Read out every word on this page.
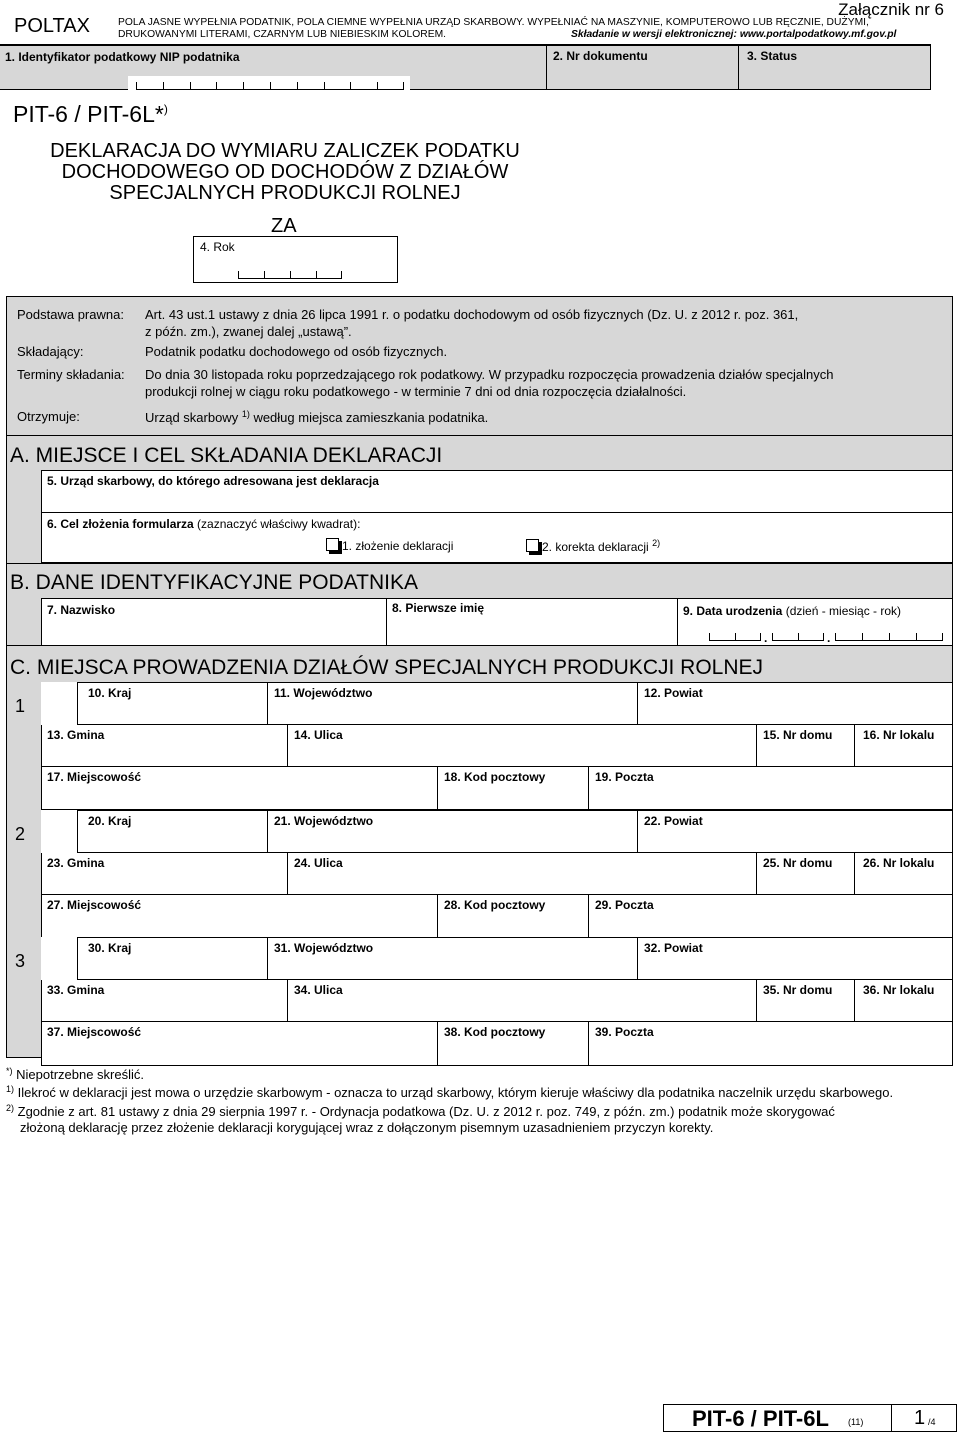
POLTAX	POLA JASNE WYPEŁNIA PODATNIK, POLA CIEMNE WYPEŁNIA URZĄD SKARBOWY. WYPEŁNIAĆ NA MASZYNIE, KOMPUTEROWO LUB RĘCZNIE, DUŻYMI,
DRUKOWANYMI LITERAMI, CZARNYM LUB NIEBIESKIM KOLOREM.	Składanie w wersji elektronicznej: www.portalpodatkowy.mf.gov.pl
Załącznik nr 6
1. Identyfikator podatkowy NIP podatnika	2. Nr dokumentu	3. Status
PIT-6 / PIT-6L*)
DEKLARACJA DO WYMIARU ZALICZEK PODATKU
DOCHODOWEGO OD DOCHODÓW Z DZIAŁÓW
SPECJALNYCH PRODUKCJI ROLNEJ
ZA
4. Rok
Podstawa prawna: Art. 43 ust.1 ustawy z dnia 26 lipca 1991 r. o podatku dochodowym od osób fizycznych (Dz. U. z 2012 r. poz. 361,
z późn. zm.), zwanej dalej „ustawą”.
Składający:	Podatnik podatku dochodowego od osób fizycznych.
Terminy składania: Do dnia 30 listopada roku poprzedzającego rok podatkowy. W przypadku rozpoczęcia prowadzenia działów specjalnych
produkcji rolnej w ciągu roku podatkowego - w terminie 7 dni od dnia rozpoczęcia działalności.
Otrzymuje:	Urząd skarbowy $^{1)}$ według miejsca zamieszkania podatnika.
A. MIEJSCE I CEL SKŁADANIA DEKLARACJI
5. Urząd skarbowy, do którego adresowana jest deklaracja
6. Cel złożenia formularza (zaznaczyć właściwy kwadrat):
1. złożenie deklaracji	2. korekta deklaracji $^{2)}$
B. DANE IDENTYFIKACYJNE PODATNIKA
7. Nazwisko	8. Pierwsze imię	9. Data urodzenia (dzień - miesiąc - rok)
.	.
C. MIEJSCA PROWADZENIA DZIAŁÓW SPECJALNYCH PRODUKCJI ROLNEJ
1
10. Kraj	11. Województwo	12. Powiat
13. Gmina	14. Ulica	15. Nr domu	16. Nr lokalu
17. Miejscowość	18. Kod pocztowy	19. Poczta
2
20. Kraj	21. Województwo	22. Powiat
23. Gmina	24. Ulica	25. Nr domu	26. Nr lokalu
27. Miejscowość	28. Kod pocztowy	29. Poczta
3
30. Kraj	31. Województwo	32. Powiat
33. Gmina	34. Ulica	35. Nr domu	36. Nr lokalu
37. Miejscowość	38. Kod pocztowy	39. Poczta
*) Niepotrzebne skreślić.
$^{1)}$ Ilekroć w deklaracji jest mowa o urzędzie skarbowym - oznacza to urząd skarbowy, którym kieruje właściwy dla podatnika naczelnik urzędu skarbowego.
$^{2)}$ Zgodnie z art. 81 ustawy z dnia 29 sierpnia 1997 r. - Ordynacja podatkowa (Dz. U. z 2012 r. poz. 749, z późn. zm.) podatnik może skorygować
złożoną deklarację przez złożenie deklaracji korygującej wraz z dołączonym pisemnym uzasadnieniem przyczyn korekty.
PIT-6 / PIT-6L (11)	1 /4
